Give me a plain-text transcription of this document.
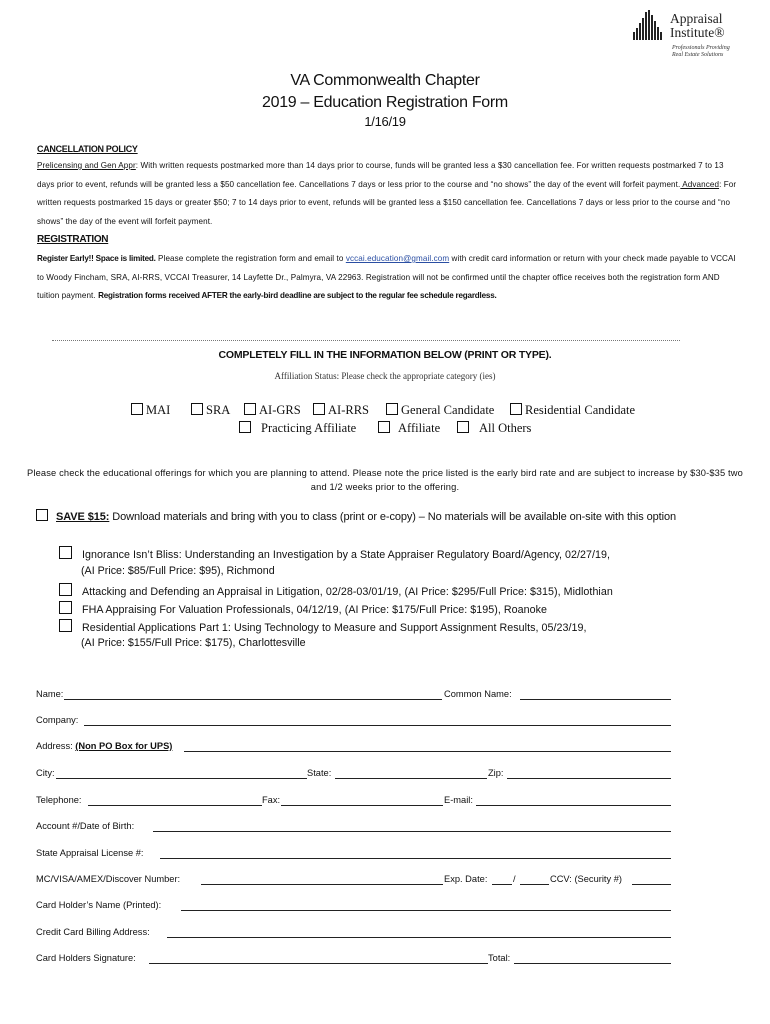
Appraisal
Institute®
Professionals Providing
Real Estate Solutions
VA Commonwealth Chapter
2019 – Education Registration Form
1/16/19
CANCELLATION POLICY
Prelicensing and Gen Appr: With written requests postmarked more than 14 days prior to course, funds will be granted less a $30 cancellation fee. For written requests postmarked 7 to 13 days prior to event, refunds will be granted less a $50 cancellation fee. Cancellations 7 days or less prior to the course and “no shows” the day of the event will forfeit payment. Advanced: For written requests postmarked 15 days or greater $50; 7 to 14 days prior to event, refunds will be granted less a $150 cancellation fee. Cancellations 7 days or less prior to the course and “no shows” the day of the event will forfeit payment.
REGISTRATION
Register Early!! Space is limited. Please complete the registration form and email to vccai.education@gmail.com with credit card information or return with your check made payable to VCCAI to Woody Fincham, SRA, AI-RRS, VCCAI Treasurer, 14 Layfette Dr., Palmyra, VA 22963. Registration will not be confirmed until the chapter office receives both the registration form AND tuition payment. Registration forms received AFTER the early-bird deadline are subject to the regular fee schedule regardless.
COMPLETELY FILL IN THE INFORMATION BELOW (PRINT OR TYPE).
Affiliation Status: Please check the appropriate category (ies)
MAI	SRA	AI-GRS	AI-RRS	General Candidate	Residential Candidate
Practicing Affiliate	Affiliate	All Others
Please check the educational offerings for which you are planning to attend. Please note the price listed is the early bird rate and are subject to increase by $30-$35 two and 1/2 weeks prior to the offering.
SAVE $15: Download materials and bring with you to class (print or e-copy) – No materials will be available on-site with this option
Ignorance Isn’t Bliss: Understanding an Investigation by a State Appraiser Regulatory Board/Agency, 02/27/19,
(AI Price: $85/Full Price: $95), Richmond
Attacking and Defending an Appraisal in Litigation, 02/28-03/01/19, (AI Price: $295/Full Price: $315), Midlothian
FHA Appraising For Valuation Professionals, 04/12/19, (AI Price: $175/Full Price: $195), Roanoke
Residential Applications Part 1: Using Technology to Measure and Support Assignment Results, 05/23/19,
(AI Price: $155/Full Price: $175), Charlottesville
Name:	Common Name:
Company:
Address: (Non PO Box for UPS)
City:	State:	Zip:
Telephone:	Fax:	E-mail:
Account #/Date of Birth:
State Appraisal License #:
MC/VISA/AMEX/Discover Number:	Exp. Date:	/	CCV: (Security #)
Card Holder’s Name (Printed):
Credit Card Billing Address:
Card Holders Signature:	Total:
